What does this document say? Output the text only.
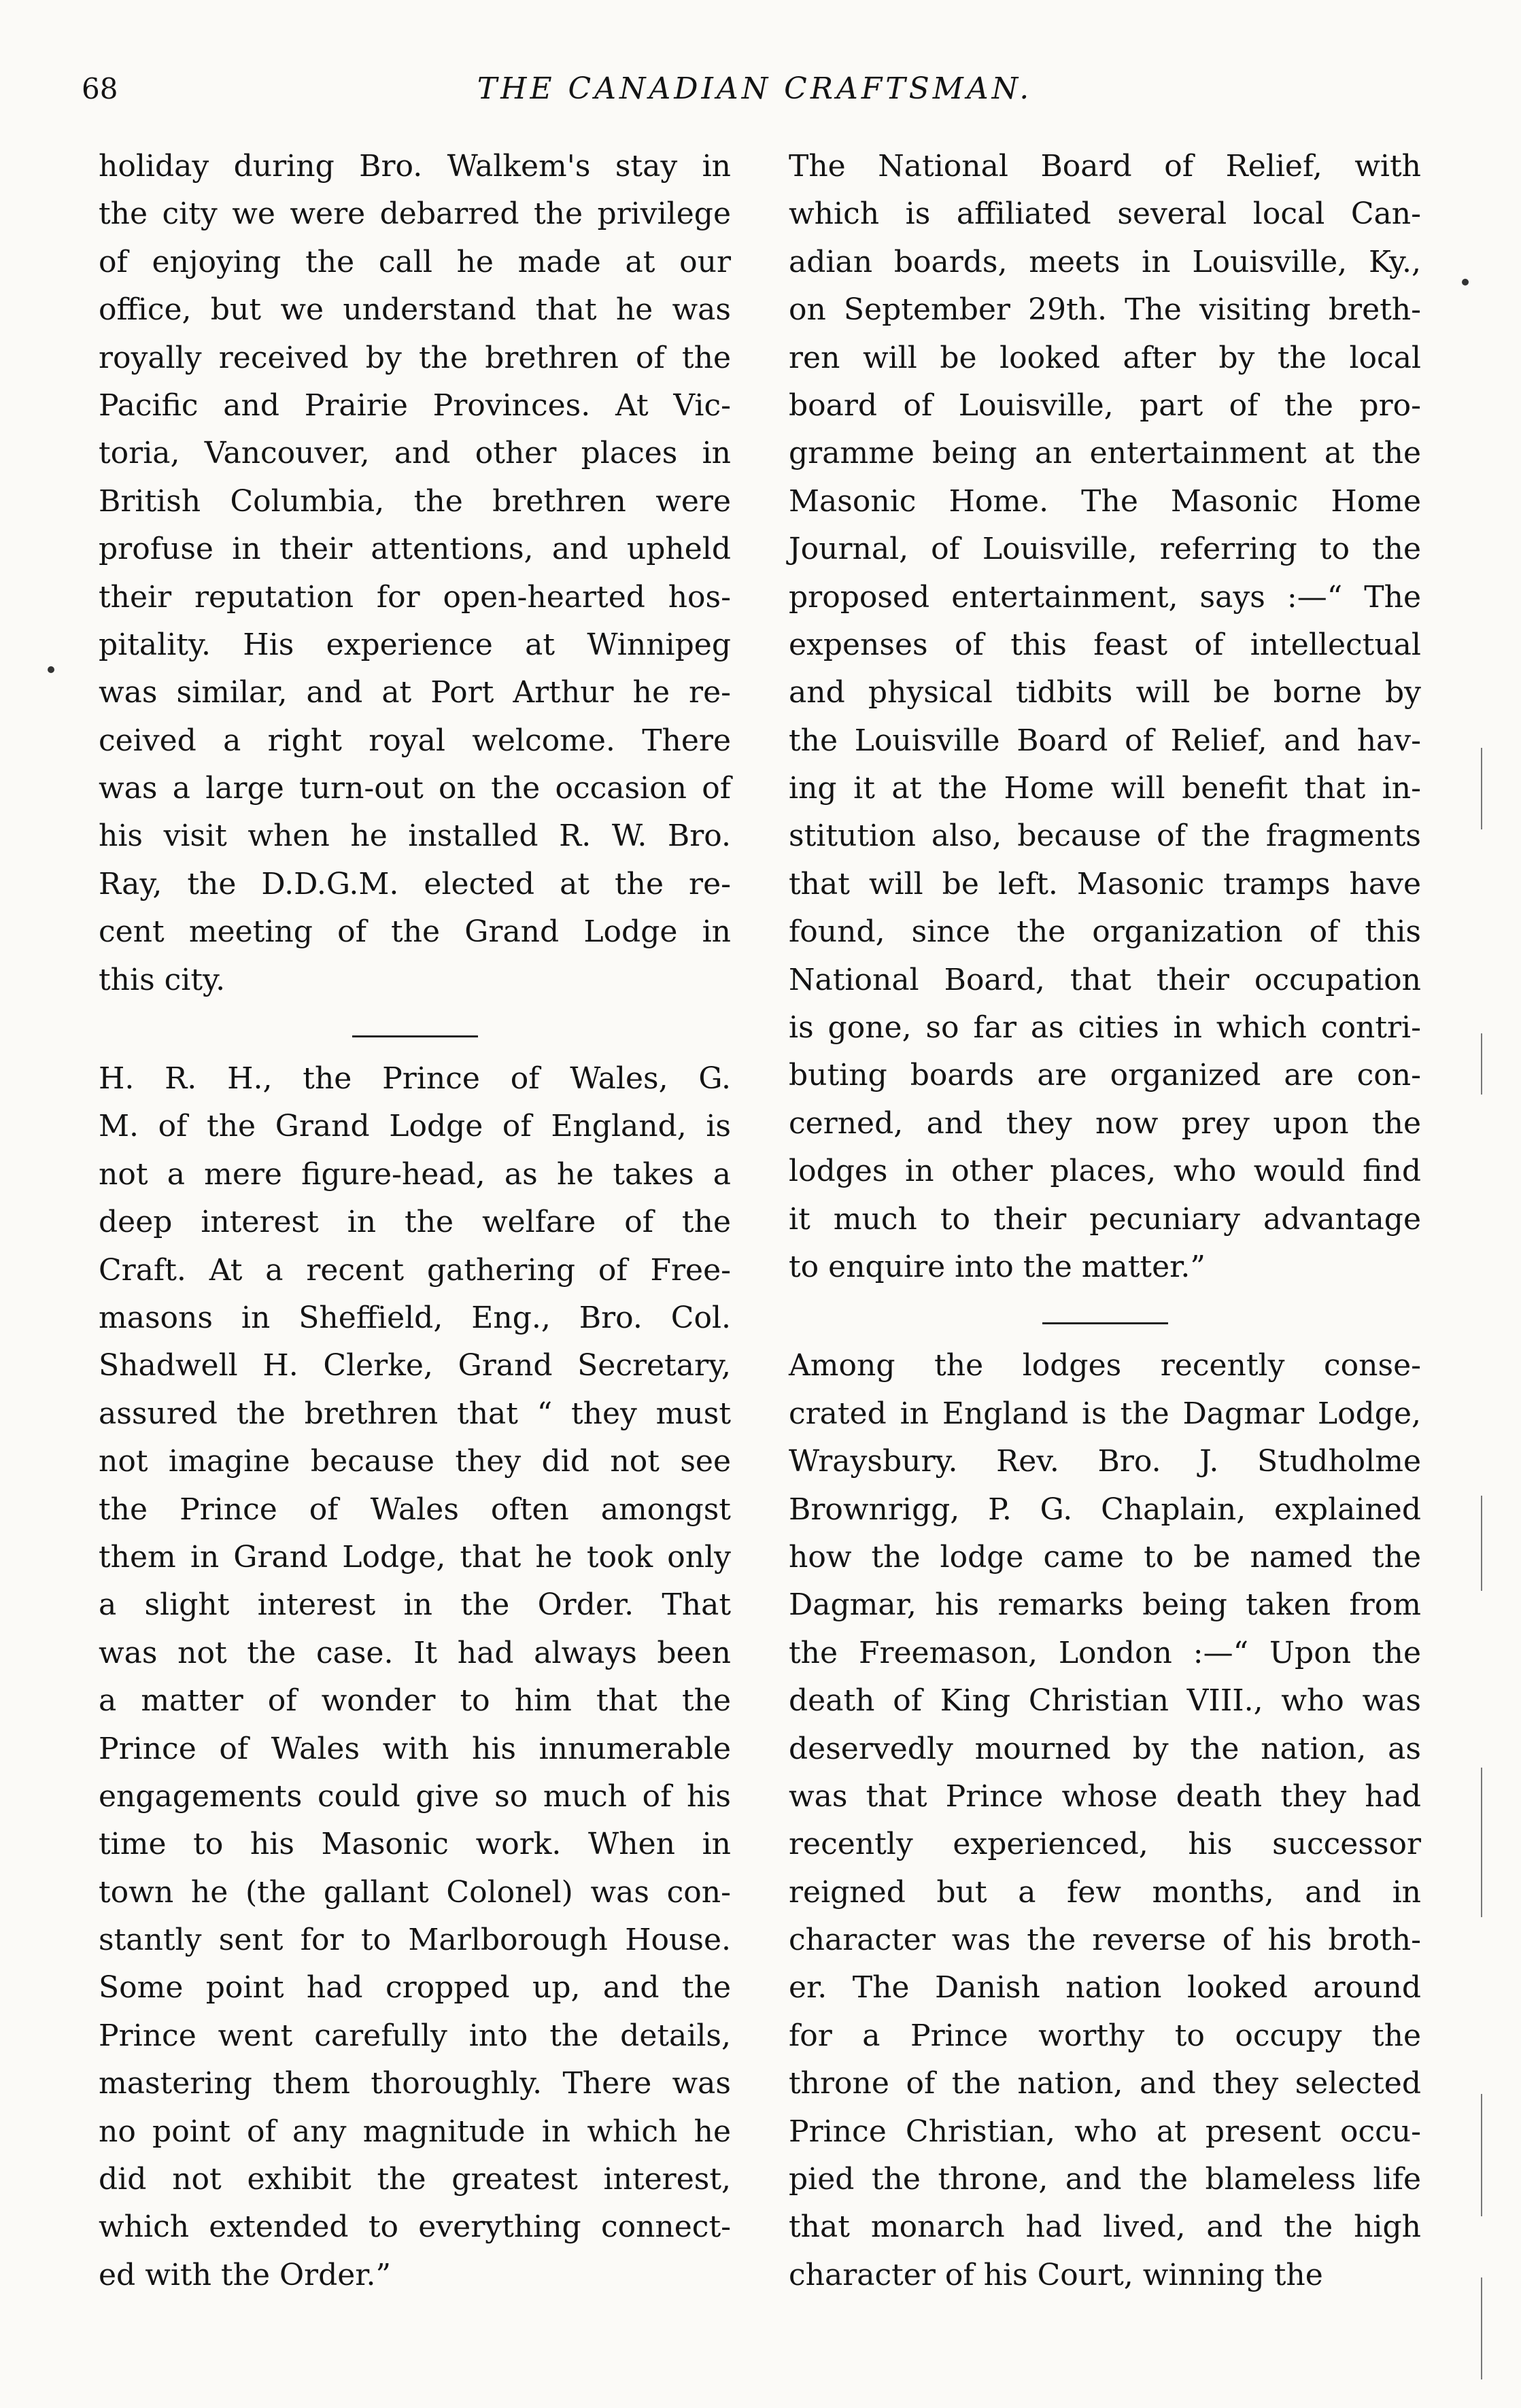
68	THE CANADIAN CRAFTSMAN.
holiday during Bro. Walkem's stay in
the city we were debarred the privilege
of enjoying the call he made at our
office, but we understand that he was
royally received by the brethren of the
Pacific and Prairie Provinces. At Vic-
toria, Vancouver, and other places in
British Columbia, the brethren were
profuse in their attentions, and upheld
their reputation for open-hearted hos-
pitality. His experience at Winnipeg
was similar, and at Port Arthur he re-
ceived a right royal welcome. There
was a large turn-out on the occasion of
his visit when he installed R. W. Bro.
Ray, the D.D.G.M. elected at the re-
cent meeting of the Grand Lodge in
this city.
H. R. H., the Prince of Wales, G.
M. of the Grand Lodge of England, is
not a mere figure-head, as he takes a
deep interest in the welfare of the
Craft. At a recent gathering of Free-
masons in Sheffield, Eng., Bro. Col.
Shadwell H. Clerke, Grand Secretary,
assured the brethren that “ they must
not imagine because they did not see
the Prince of Wales often amongst
them in Grand Lodge, that he took only
a slight interest in the Order. That
was not the case. It had always been
a matter of wonder to him that the
Prince of Wales with his innumerable
engagements could give so much of his
time to his Masonic work. When in
town he (the gallant Colonel) was con-
stantly sent for to Marlborough House.
Some point had cropped up, and the
Prince went carefully into the details,
mastering them thoroughly. There was
no point of any magnitude in which he
did not exhibit the greatest interest,
which extended to everything connect-
ed with the Order.”
The National Board of Relief, with
which is affiliated several local Can-
adian boards, meets in Louisville, Ky.,
on September 29th. The visiting breth-
ren will be looked after by the local
board of Louisville, part of the pro-
gramme being an entertainment at the
Masonic Home. The Masonic Home
Journal, of Louisville, referring to the
proposed entertainment, says :—“ The
expenses of this feast of intellectual
and physical tidbits will be borne by
the Louisville Board of Relief, and hav-
ing it at the Home will benefit that in-
stitution also, because of the fragments
that will be left. Masonic tramps have
found, since the organization of this
National Board, that their occupation
is gone, so far as cities in which contri-
buting boards are organized are con-
cerned, and they now prey upon the
lodges in other places, who would find
it much to their pecuniary advantage
to enquire into the matter.”
Among the lodges recently conse-
crated in England is the Dagmar Lodge,
Wraysbury. Rev. Bro. J. Studholme
Brownrigg, P. G. Chaplain, explained
how the lodge came to be named the
Dagmar, his remarks being taken from
the Freemason, London :—“ Upon the
death of King Christian VIII., who was
deservedly mourned by the nation, as
was that Prince whose death they had
recently experienced, his successor
reigned but a few months, and in
character was the reverse of his broth-
er. The Danish nation looked around
for a Prince worthy to occupy the
throne of the nation, and they selected
Prince Christian, who at present occu-
pied the throne, and the blameless life
that monarch had lived, and the high
character of his Court, winning the
